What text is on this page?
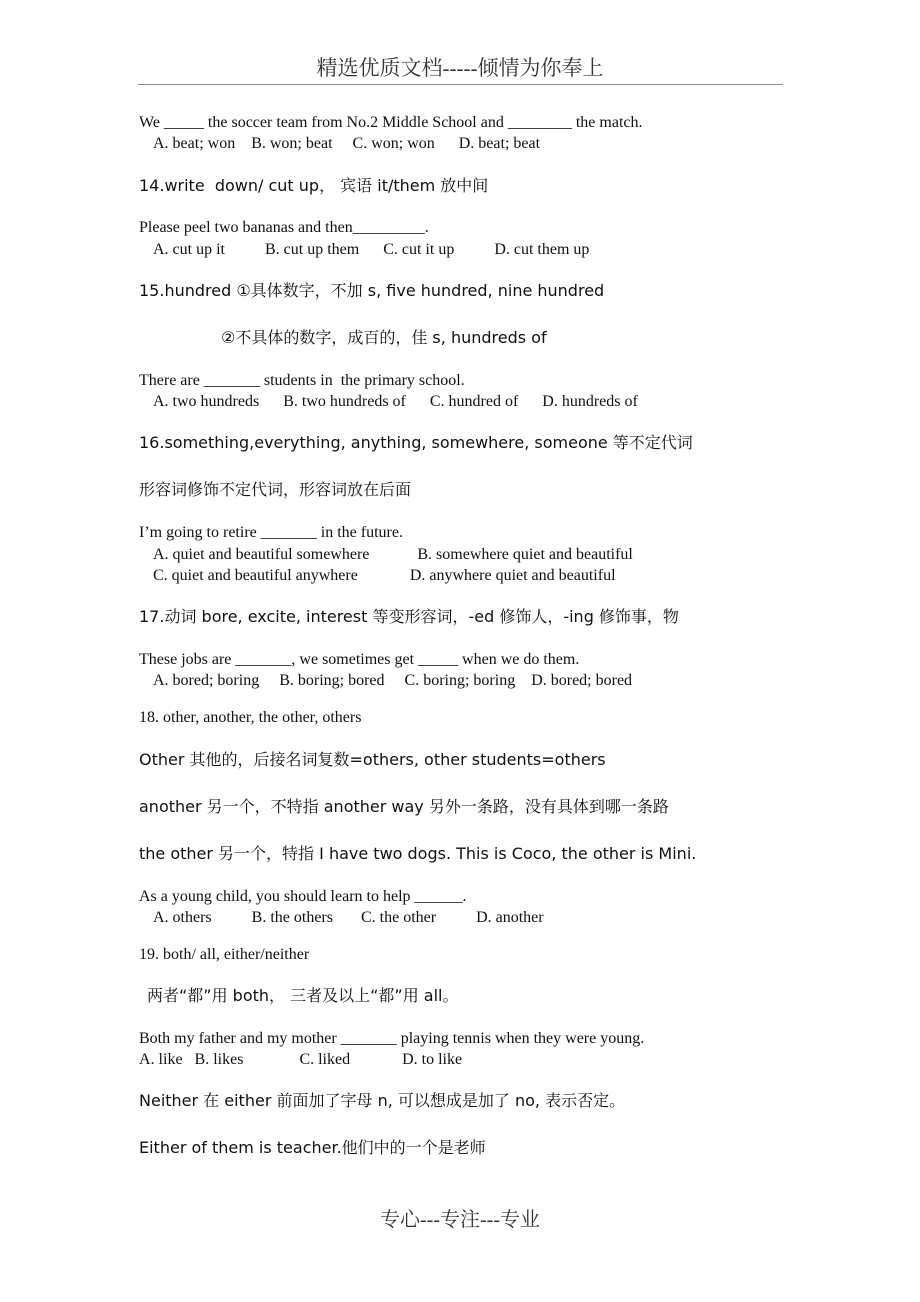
精选优质文档-----倾情为你奉上
We _____ the soccer team from No.2 Middle School and ________ the match.
A. beat; won    B. won; beat     C. won; won      D. beat; beat
14.write  down/ cut up， 宾语 it/them 放中间
Please peel two bananas and then_________.
A. cut up it          B. cut up them      C. cut it up          D. cut them up
15.hundred ①具体数字，不加 s, five hundred, nine hundred
②不具体的数字，成百的，佳 s, hundreds of
There are _______ students in  the primary school.
A. two hundreds      B. two hundreds of      C. hundred of      D. hundreds of
16.something,everything, anything, somewhere, someone 等不定代词
形容词修饰不定代词，形容词放在后面
I’m going to retire _______ in the future.
A. quiet and beautiful somewhere            B. somewhere quiet and beautiful
C. quiet and beautiful anywhere             D. anywhere quiet and beautiful
17.动词 bore, excite, interest 等变形容词，-ed 修饰人，-ing 修饰事，物
These jobs are _______, we sometimes get _____ when we do them.
A. bored; boring     B. boring; bored     C. boring; boring    D. bored; bored
18. other, another, the other, others
Other 其他的，后接名词复数=others, other students=others
another 另一个，不特指 another way 另外一条路，没有具体到哪一条路
the other 另一个，特指 I have two dogs. This is Coco, the other is Mini.
As a young child, you should learn to help ______.
A. others          B. the others       C. the other          D. another
19. both/ all, either/neither
两者“都”用 both， 三者及以上“都”用 all。
Both my father and my mother _______ playing tennis when they were young.
A. like   B. likes              C. liked             D. to like
Neither 在 either 前面加了字母 n, 可以想成是加了 no, 表示否定。
Either of them is teacher.他们中的一个是老师
专心---专注---专业
